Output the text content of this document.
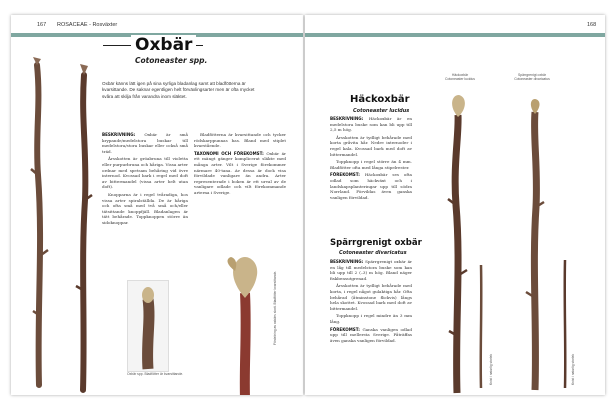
167 ROSACEAE - Rosväxter
Oxbär
Cotoneaster spp.
Oxbär känns lätt igen på sina syrliga bladanlag samt att bladfötterna är
kvarsittande. De saknar egentligen helt förväxlingsarter men är ofta mycket
svåra att skilja från varandra inom släktet.

BESKRIVNING: Oxbär är små krypande/medelstora buskar till medelstora/stora buskar eller också små träd.

Årsskotten är gröabruna till violetta eller purpurbruna och håriga. Vissa arter ordnar med spetsam behåring vid övre internod. Kvossad bark i regel med doft av bittermandel (vissa arter helt utan doft).

Knopparna är i regel tvåradiga, hos vissa arter spiralställda. De är håriga och ofta små med två små och/eller tätsittande knoppfjäll. Bladanlagen är tätt behårade. Toppknoppen större än sidoknoppar.

Bladfötterna är kvarsittande och tycker rödskarppunnas bas. Bland med stiplet kvarstående.

TAXONOMI OCH FÖREKOMST: Oxbär är ett mängt gänger komplicerat släkte med många arter. Vilt i Sverige förekommer närmare 40-tana. Av dessa är dock visa förvildade vanligare än andra. Arter representerade i boken är ett urval av de vanligare odlade och vilt förekommande arterna i Sverige.

Oxbär spp. Bladfötter är kvarsittande.
Fördelning av oxbärs skott. Bladfötter kvarsittande.
168
Häckoxbär
Cotoneaster lucidus

BESKRIVNING: Häckoxbär är en medelstora buske som kan bli upp till 2,5 m hög.

Årsskotten är tydligt behårade med korta gråvita hår. Nedre internoder i regel kala. Kvossad bark med doft av bittermandel.

Toppknopp i regel större än 4 mm. Bladfötter ofta med långa stipelrester.

FÖREKOMST: Häckoxbär ses ofta odlad som häckväxt och i landskapsplanteringar upp till södra Norrland. Förvildas även ganska vanligen förvildad.

Spärrgrenigt oxbär
Cotoneaster divaricatus

BESKRIVNING: Spärrgrenigt oxbär är en låg till medelstora buske som kan bli upp till 2 (–3) m hög. Bland näger fiskbensutgrenad.

Årsskotten är tydligt behårade med korta, i regel något gulaktiga hår. Ofta behårad (åtminstone flickvis) långs hela skottet. Kvossad bark med doft av bittermandel.

Toppknopp i regel mindre än 3 mm lång.

FÖREKOMST: Ganska vanligen odlad upp till mellersta Sverige. Påträffas även ganska vanligen förvildad.

Häckoxbär
Cotoneaster lucidus
Spärrgrenigt oxbär
Cotoneaster divaricatus
Kvist i naturlig storlek	Kvist i naturlig storlek
